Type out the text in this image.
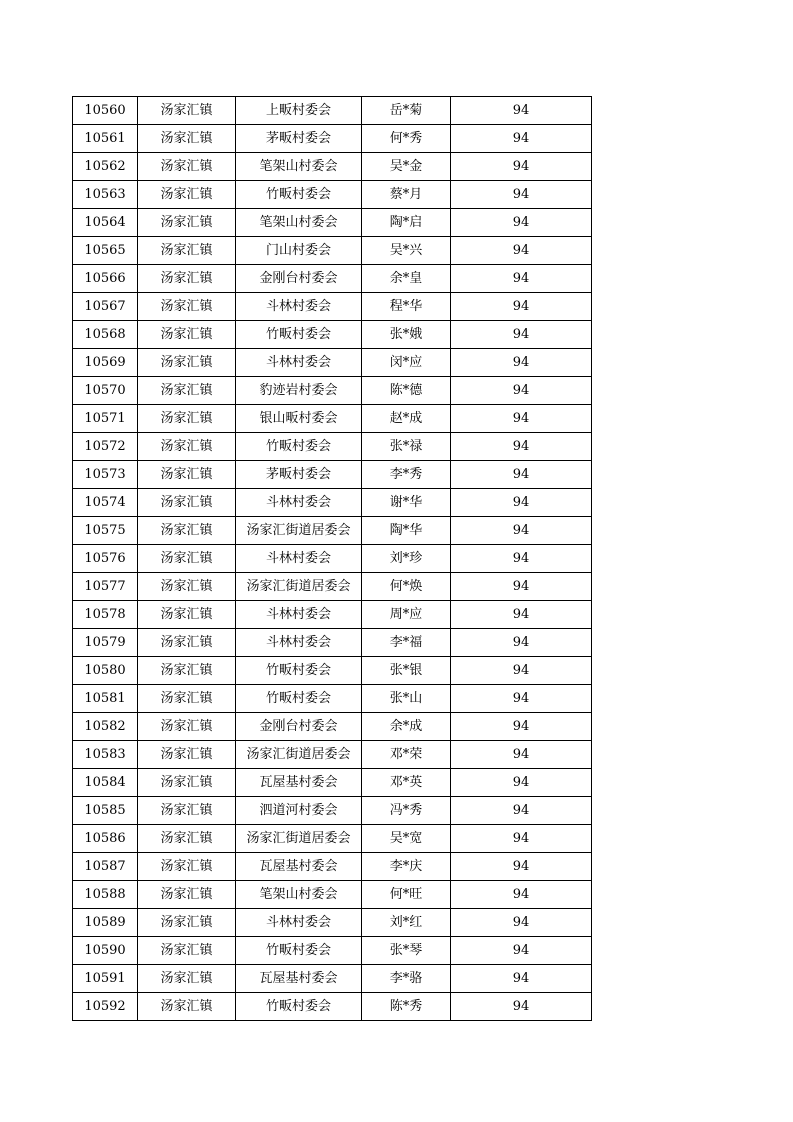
10560	汤家汇镇	上畈村委会	岳*菊	94
10561	汤家汇镇	茅畈村委会	何*秀	94
10562	汤家汇镇	笔架山村委会	吴*金	94
10563	汤家汇镇	竹畈村委会	蔡*月	94
10564	汤家汇镇	笔架山村委会	陶*启	94
10565	汤家汇镇	门山村委会	吴*兴	94
10566	汤家汇镇	金刚台村委会	余*皇	94
10567	汤家汇镇	斗林村委会	程*华	94
10568	汤家汇镇	竹畈村委会	张*娥	94
10569	汤家汇镇	斗林村委会	闵*应	94
10570	汤家汇镇	豹迹岩村委会	陈*德	94
10571	汤家汇镇	银山畈村委会	赵*成	94
10572	汤家汇镇	竹畈村委会	张*禄	94
10573	汤家汇镇	茅畈村委会	李*秀	94
10574	汤家汇镇	斗林村委会	谢*华	94
10575	汤家汇镇	汤家汇街道居委会	陶*华	94
10576	汤家汇镇	斗林村委会	刘*珍	94
10577	汤家汇镇	汤家汇街道居委会	何*焕	94
10578	汤家汇镇	斗林村委会	周*应	94
10579	汤家汇镇	斗林村委会	李*福	94
10580	汤家汇镇	竹畈村委会	张*银	94
10581	汤家汇镇	竹畈村委会	张*山	94
10582	汤家汇镇	金刚台村委会	余*成	94
10583	汤家汇镇	汤家汇街道居委会	邓*荣	94
10584	汤家汇镇	瓦屋基村委会	邓*英	94
10585	汤家汇镇	泗道河村委会	冯*秀	94
10586	汤家汇镇	汤家汇街道居委会	吴*宽	94
10587	汤家汇镇	瓦屋基村委会	李*庆	94
10588	汤家汇镇	笔架山村委会	何*旺	94
10589	汤家汇镇	斗林村委会	刘*红	94
10590	汤家汇镇	竹畈村委会	张*琴	94
10591	汤家汇镇	瓦屋基村委会	李*骆	94
10592	汤家汇镇	竹畈村委会	陈*秀	94
